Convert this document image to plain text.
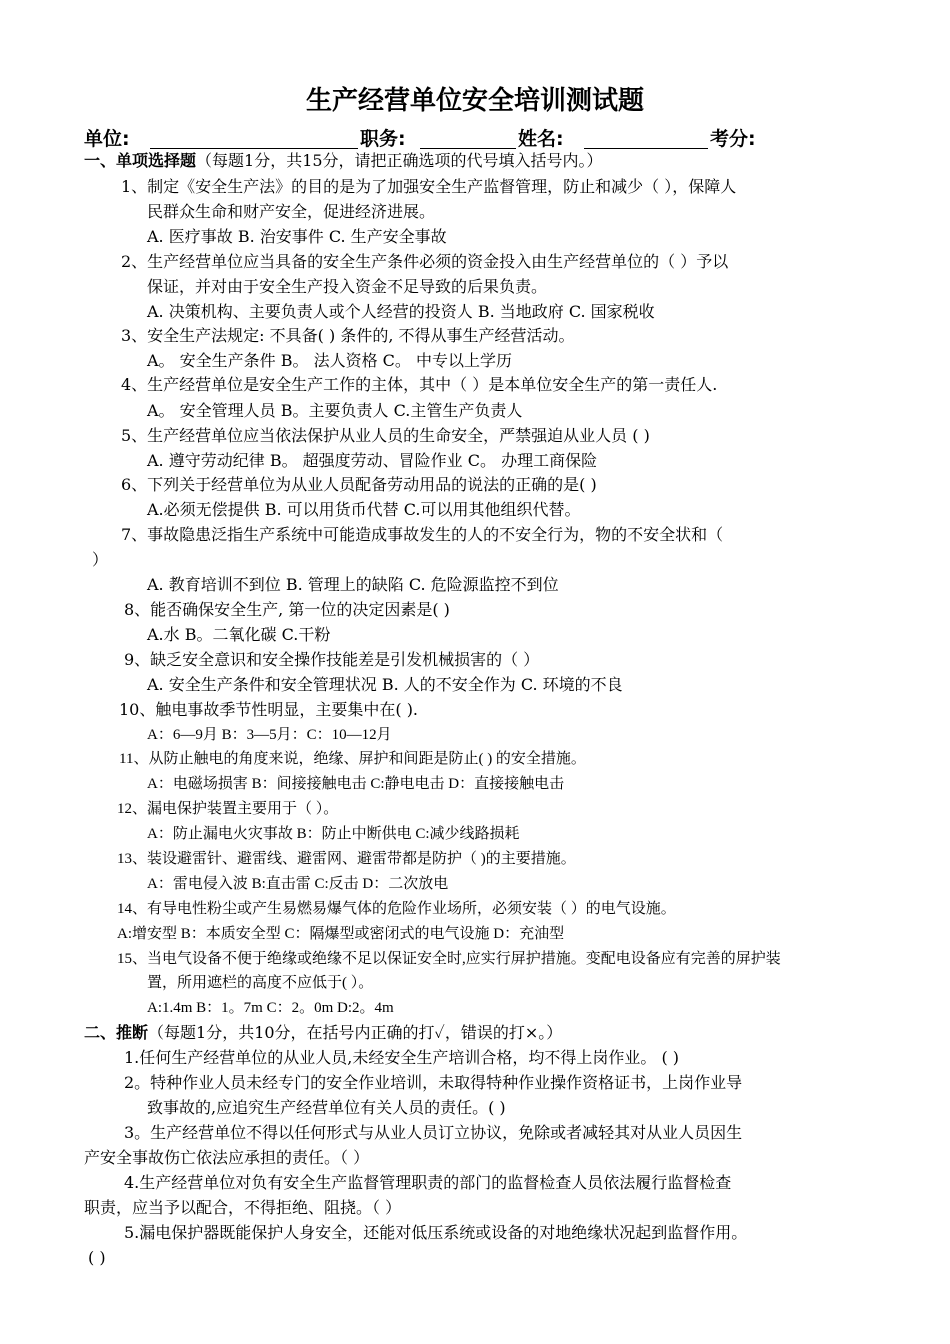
生产经营单位安全培训测试题
单位:	职务:	姓名:	考分:
一、单项选择题（每题1分，共15分，请把正确选项的代号填入括号内。）
1、制定《安全生产法》的目的是为了加强安全生产监督管理，防止和减少（ ），保障人
民群众生命和财产安全，促进经济进展。
A. 医疗事故 B. 治安事件 C. 生产安全事故
2、生产经营单位应当具备的安全生产条件必须的资金投入由生产经营单位的（ ）予以
保证，并对由于安全生产投入资金不足导致的后果负责。
A. 决策机构、主要负责人或个人经营的投资人 B. 当地政府 C. 国家税收
3、安全生产法规定: 不具备( ) 条件的, 不得从事生产经营活动。
A。 安全生产条件 B。 法人资格 C。 中专以上学历
4、生产经营单位是安全生产工作的主体，其中（ ）是本单位安全生产的第一责任人.
A。 安全管理人员 B。主要负责人 C.主管生产负责人
5、生产经营单位应当依法保护从业人员的生命安全，严禁强迫从业人员 ( )
A. 遵守劳动纪律 B。 超强度劳动、冒险作业 C。 办理工商保险
6、下列关于经营单位为从业人员配备劳动用品的说法的正确的是( )
A.必须无偿提供 B. 可以用货币代替 C.可以用其他组织代替。
7、事故隐患泛指生产系统中可能造成事故发生的人的不安全行为，物的不安全状和（
）
A. 教育培训不到位 B. 管理上的缺陷 C. 危险源监控不到位
8、能否确保安全生产, 第一位的决定因素是( )
A.水 B。二氧化碳 C.干粉
9、缺乏安全意识和安全操作技能差是引发机械损害的（ ）
A. 安全生产条件和安全管理状况 B. 人的不安全作为 C. 环境的不良
10、触电事故季节性明显，主要集中在( ).
A：6—9月 B：3—5月：C：10—12月
11、从防止触电的角度来说，绝缘、屏护和间距是防止( ) 的安全措施。
A：电磁场损害 B：间接接触电击 C:静电电击 D：直接接触电击
12、漏电保护装置主要用于（ ）。
A：防止漏电火灾事故 B：防止中断供电 C:减少线路损耗
13、装设避雷针、避雷线、避雷网、避雷带都是防护（ )的主要措施。
A：雷电侵入波 B:直击雷 C:反击 D：二次放电
14、有导电性粉尘或产生易燃易爆气体的危险作业场所，必须安装（ ）的电气设施。
A:增安型 B：本质安全型 C：隔爆型或密闭式的电气设施 D：充油型
15、当电气设备不便于绝缘或绝缘不足以保证安全时,应实行屏护措施。变配电设备应有完善的屏护装
置，所用遮栏的高度不应低于( ）。
A:1.4m B：1。7m C：2。0m D:2。4m
二、推断（每题1分，共10分，在括号内正确的打✓，错误的打×。）
1.任何生产经营单位的从业人员,未经安全生产培训合格，均不得上岗作业。 ( )
2。特种作业人员未经专门的安全作业培训，未取得特种作业操作资格证书，上岗作业导
致事故的,应追究生产经营单位有关人员的责任。( )
3。生产经营单位不得以任何形式与从业人员订立协议，免除或者减轻其对从业人员因生
产安全事故伤亡依法应承担的责任。（ ）
4.生产经营单位对负有安全生产监督管理职责的部门的监督检查人员依法履行监督检查
职责，应当予以配合，不得拒绝、阻挠。（ ）
5.漏电保护器既能保护人身安全，还能对低压系统或设备的对地绝缘状况起到监督作用。
( )
